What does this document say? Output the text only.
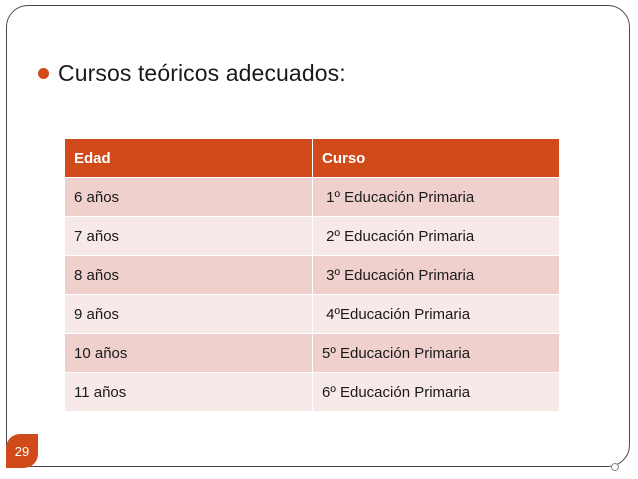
Cursos teóricos adecuados:
Edad	Curso
6 años	1º Educación Primaria
7 años	2º Educación Primaria
8 años	3º Educación Primaria
9 años	4ºEducación Primaria
10 años	5º Educación Primaria
11 años	6º Educación Primaria
29
